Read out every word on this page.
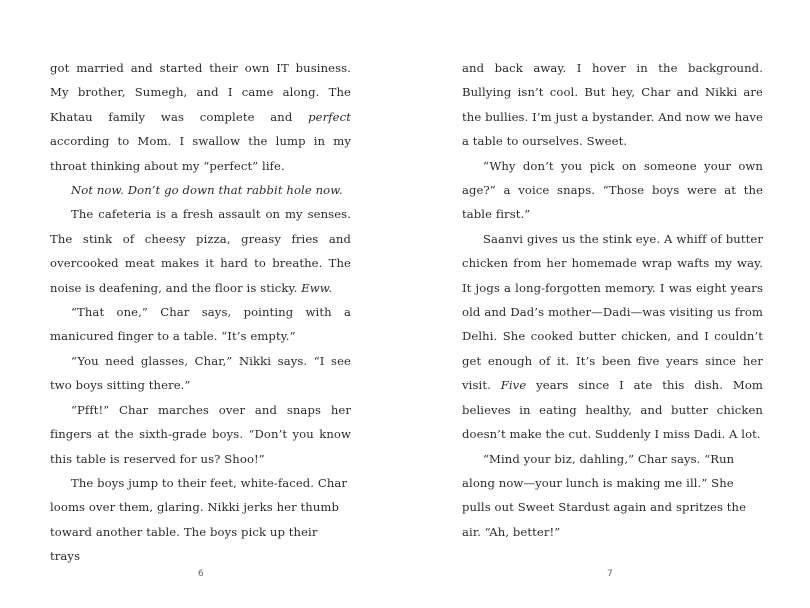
got married and started their own IT business. My brother, Sumegh, and I came along. The Khatau family was complete and perfect according to Mom. I swallow the lump in my throat thinking about my “perfect” life.

Not now. Don’t go down that rabbit hole now.

The cafeteria is a fresh assault on my senses. The stink of cheesy pizza, greasy fries and overcooked meat makes it hard to breathe. The noise is deafening, and the floor is sticky. Eww.

“That one,” Char says, pointing with a manicured finger to a table. “It’s empty.”

“You need glasses, Char,” Nikki says. “I see two boys sitting there.”

“Pfft!” Char marches over and snaps her fingers at the sixth-grade boys. “Don’t you know this table is reserved for us? Shoo!”

The boys jump to their feet, white-faced. Char looms over them, glaring. Nikki jerks her thumb toward another table. The boys pick up their trays

6

and back away. I hover in the background. Bullying isn’t cool. But hey, Char and Nikki are the bullies. I’m just a bystander. And now we have a table to ourselves. Sweet.

“Why don’t you pick on someone your own age?” a voice snaps. “Those boys were at the table first.”

Saanvi gives us the stink eye. A whiff of butter chicken from her homemade wrap wafts my way. It jogs a long-forgotten memory. I was eight years old and Dad’s mother—Dadi—was visiting us from Delhi. She cooked butter chicken, and I couldn’t get enough of it. It’s been five years since her visit. Five years since I ate this dish. Mom believes in eating healthy, and butter chicken doesn’t make the cut. Suddenly I miss Dadi. A lot.

“Mind your biz, dahling,” Char says. “Run along now—your lunch is making me ill.” She pulls out Sweet Stardust again and spritzes the air. “Ah, better!”

7
